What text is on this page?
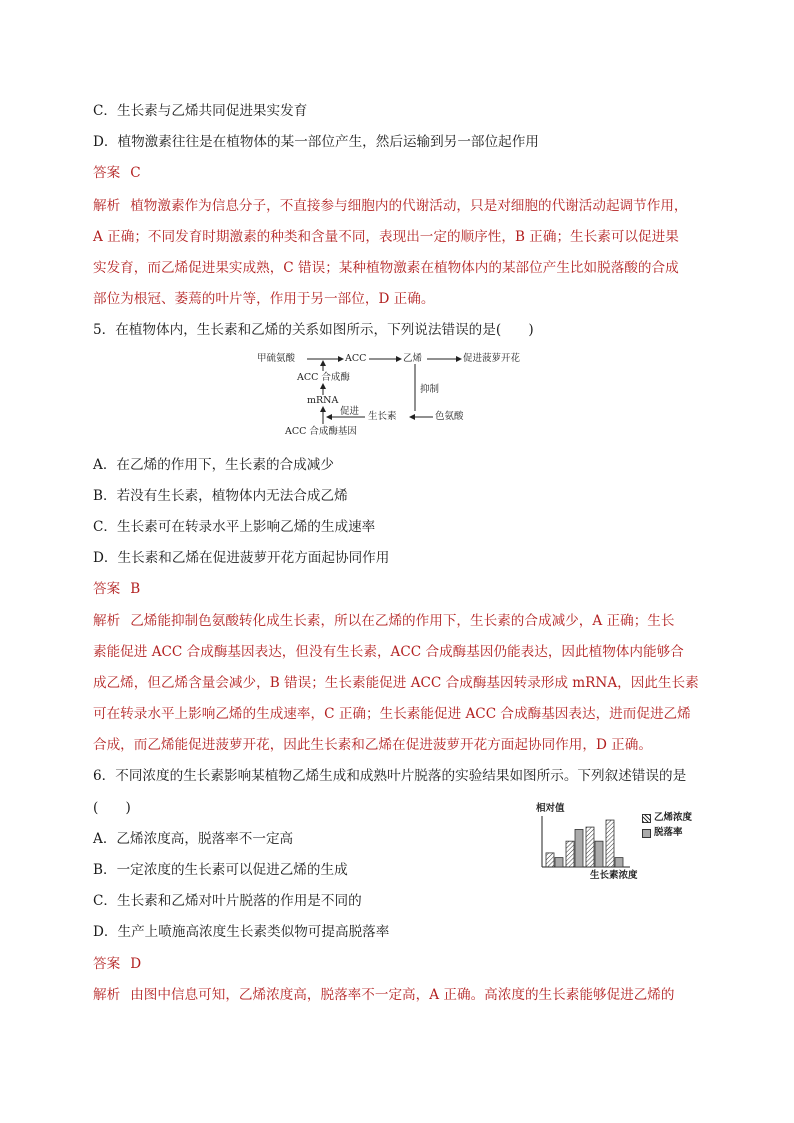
C．生长素与乙烯共同促进果实发育
D．植物激素往往是在植物体的某一部位产生，然后运输到另一部位起作用
答案 C
解析 植物激素作为信息分子，不直接参与细胞内的代谢活动，只是对细胞的代谢活动起调节作用，
A 正确；不同发育时期激素的种类和含量不同，表现出一定的顺序性，B 正确；生长素可以促进果
实发育，而乙烯促进果实成熟，C 错误；某种植物激素在植物体内的某部位产生比如脱落酸的合成
部位为根冠、萎蔫的叶片等，作用于另一部位，D 正确。
5．在植物体内，生长素和乙烯的关系如图所示，下列说法错误的是(　　)
甲硫氨酸	ACC	乙烯	促进菠萝开花
ACC 合成酶
mRNA
ACC 合成酶基因
促进 生长素	色氨酸
抑制
A．在乙烯的作用下，生长素的合成减少
B．若没有生长素，植物体内无法合成乙烯
C．生长素可在转录水平上影响乙烯的生成速率
D．生长素和乙烯在促进菠萝开花方面起协同作用
答案 B
解析 乙烯能抑制色氨酸转化成生长素，所以在乙烯的作用下，生长素的合成减少，A 正确；生长
素能促进 ACC 合成酶基因表达，但没有生长素，ACC 合成酶基因仍能表达，因此植物体内能够合
成乙烯，但乙烯含量会减少，B 错误；生长素能促进 ACC 合成酶基因转录形成 mRNA，因此生长素
可在转录水平上影响乙烯的生成速率，C 正确；生长素能促进 ACC 合成酶基因表达，进而促进乙烯
合成，而乙烯能促进菠萝开花，因此生长素和乙烯在促进菠萝开花方面起协同作用，D 正确。
6．不同浓度的生长素影响某植物乙烯生成和成熟叶片脱落的实验结果如图所示。下列叙述错误的是
(　　)
A．乙烯浓度高，脱落率不一定高
B．一定浓度的生长素可以促进乙烯的生成
C．生长素和乙烯对叶片脱落的作用是不同的
D．生产上喷施高浓度生长素类似物可提高脱落率
答案 D
解析 由图中信息可知，乙烯浓度高，脱落率不一定高，A 正确。高浓度的生长素能够促进乙烯的
相对值
生长素浓度
乙烯浓度
脱落率
